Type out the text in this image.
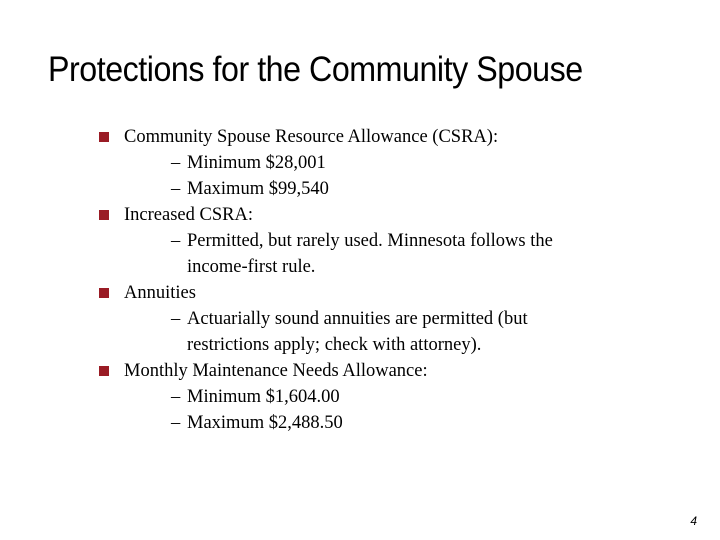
Protections for the Community Spouse
Community Spouse Resource Allowance (CSRA):
– Minimum $28,001
– Maximum $99,540
Increased CSRA:
– Permitted, but rarely used. Minnesota follows the
income-first rule.
Annuities
– Actuarially sound annuities are permitted (but
restrictions apply; check with attorney).
Monthly Maintenance Needs Allowance:
– Minimum $1,604.00
– Maximum $2,488.50
4
